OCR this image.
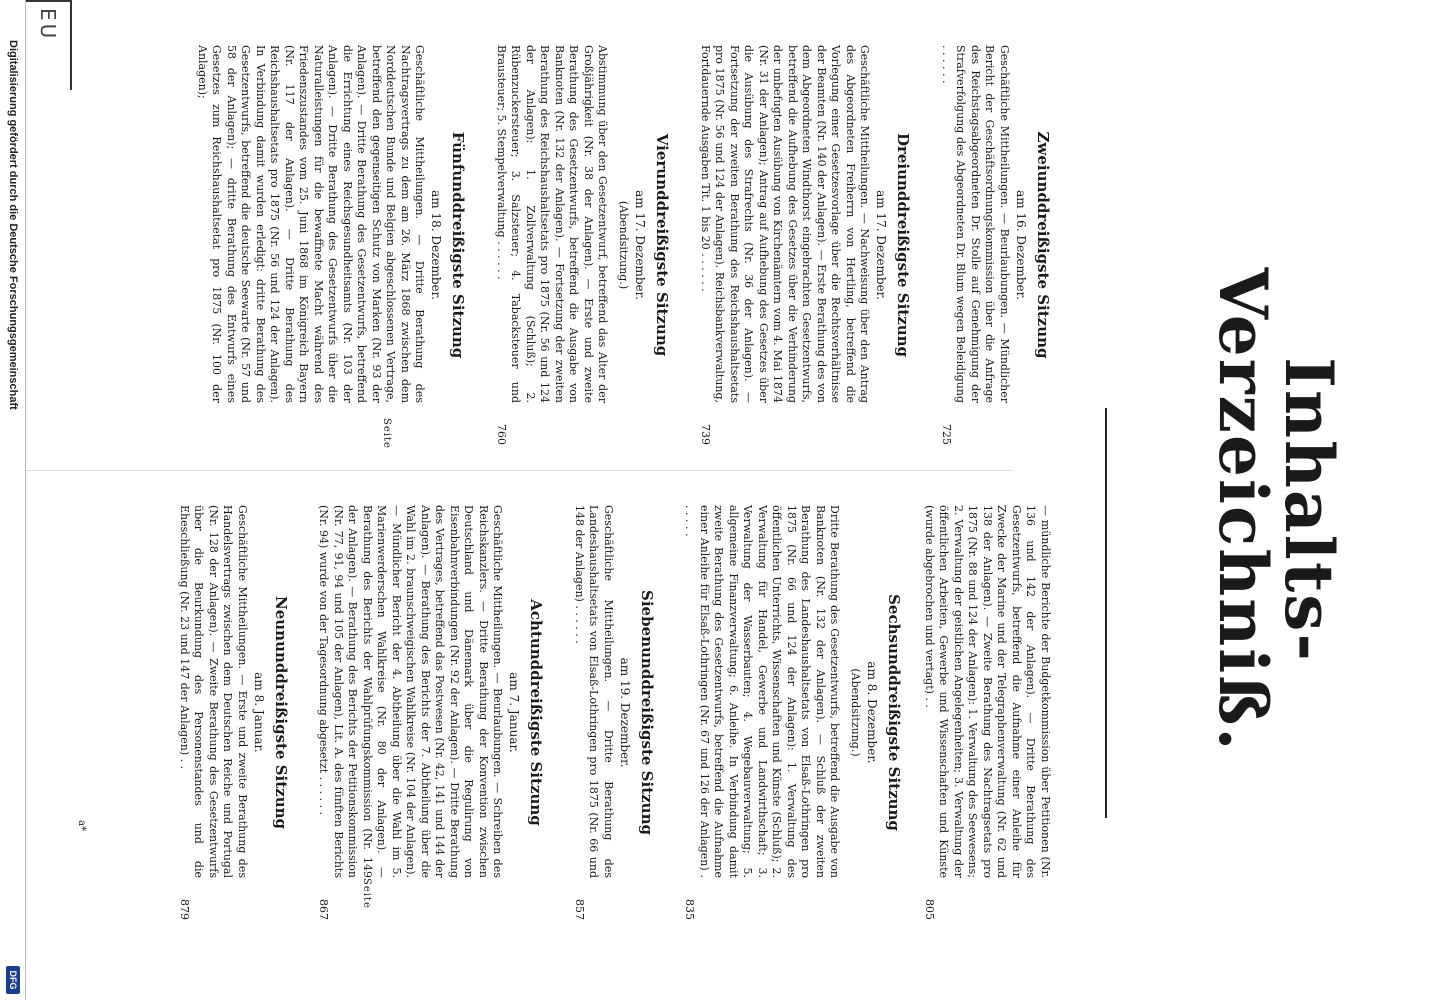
Inhalts-Verzeichniß.
Seite
Seite
Zweiunddreißigste Sitzung
am 16. Dezember.

Geschäftliche Mittheilungen. — Beurlaubungen. — Mündlicher Bericht der Geschäftsordnungskommission über die Anfrage des Reichstagsabgeordneten Dr. Stolle auf Genehmigung der Strafverfolgung des Abgeordneten Dr. Blum wegen Beleidigung . . . . . .
725

Dreiunddreißigste Sitzung
am 17. Dezember.

Geschäftliche Mittheilungen. — Nachweisung über den Antrag des Abgeordneten Freiherrn von Hertling, betreffend die Vorlegung einer Gesetzesvorlage über die Rechtsverhältnisse der Beamten (Nr. 140 der Anlagen). — Erste Berathung des von dem Abgeordneten Windthorst eingebrachten Gesetzentwurfs, betreffend die Aufhebung des Gesetzes über die Verhinderung der unbefugten Ausübung von Kirchenämtern vom 4. Mai 1874 (Nr. 31 der Anlagen); Antrag auf Aufhebung des Gesetzes über die Ausübung des Strafrechts (Nr. 36 der Anlagen). — Fortsetzung der zweiten Berathung des Reichshaushaltsetats pro 1875 (Nr. 56 und 124 der Anlagen). Reichsbankverwaltung, Fortdauernde Ausgaben Tit. 1 bis 20 . . . . . .
739

Vierunddreißigste Sitzung
am 17. Dezember.
(Abendsitzung.)

Abstimmung über den Gesetzentwurf, betreffend das Alter der Großjährigkeit (Nr. 38 der Anlagen). — Erste und zweite Berathung des Gesetzentwurfs, betreffend die Ausgabe von Banknoten (Nr. 132 der Anlagen). — Fortsetzung der zweiten Berathung des Reichshaushaltsetats pro 1875 (Nr. 56 und 124 der Anlagen): 1. Zollverwaltung (Schluß); 2. Rübenzuckersteuer; 3. Salzsteuer; 4. Tabacksteuer und Brausteuer; 5. Stempelverwaltung . . . . . .
760

Fünfunddreißigste Sitzung
am 18. Dezember.

Geschäftliche Mittheilungen. — Dritte Berathung des Nachtragsvertrags zu dem am 26. März 1868 zwischen dem Norddeutschen Bunde und Belgien abgeschlossenen Vertrage, betreffend den gegenseitigen Schutz von Marken (Nr. 93 der Anlagen). — Dritte Berathung des Gesetzentwurfs, betreffend die Errichtung eines Reichsgesundheitsamts (Nr. 103 der Anlagen). — Dritte Berathung des Gesetzentwurfs über die Naturalleistungen für die bewaffnete Macht während des Friedenszustandes vom 25. Juni 1868 im Königreich Bayern (Nr. 117 der Anlagen). — Dritte Berathung des Reichshaushaltsetats pro 1875 (Nr. 56 und 124 der Anlagen). In Verbindung damit wurden erledigt: dritte Berathung des Gesetzentwurfs, betreffend die deutsche Seewarte (Nr. 57 und 58 der Anlagen); — dritte Berathung des Entwurfs eines Gesetzes zum Reichshaushaltsetat pro 1875 (Nr. 100 der Anlagen);

— mündliche Berichte der Budgetkommission über Petitionen (Nr. 136 und 142 der Anlagen). — Dritte Berathung des Gesetzentwurfs, betreffend die Aufnahme einer Anleihe für Zwecke der Marine und der Telegraphenverwaltung (Nr. 62 und 138 der Anlagen). — Zweite Berathung des Nachtragsetats pro 1875 (Nr. 88 und 124 der Anlagen): 1. Verwaltung des Seewesens; 2. Verwaltung der geistlichen Angelegenheiten; 3. Verwaltung der öffentlichen Arbeiten, Gewerbe und Wissenschaften und Künste (wurde abgebrochen und vertagt) . .
805

Sechsunddreißigste Sitzung
am 8. Dezember.
(Abendsitzung.)

Dritte Berathung des Gesetzentwurfs, betreffend die Ausgabe von Banknoten (Nr. 132 der Anlagen). — Schluß der zweiten Berathung des Landeshaushaltsetats von Elsaß-Lothringen pro 1875 (Nr. 66 und 124 der Anlagen): 1. Verwaltung des öffentlichen Unterrichts, Wissenschaften und Künste (Schluß); 2. Verwaltung für Handel, Gewerbe und Landwirthschaft; 3. Verwaltung der Wasserbauten; 4. Wegebauverwaltung; 5. allgemeine Finanzverwaltung; 6. Anleihe. In Verbindung damit zweite Berathung des Gesetzentwurfs, betreffend die Aufnahme einer Anleihe für Elsaß-Lothringen (Nr. 67 und 126 der Anlagen) . . . . . .
835

Siebenunddreißigste Sitzung
am 19. Dezember.

Geschäftliche Mittheilungen. — Dritte Berathung des Landeshaushaltsetats von Elsaß-Lothringen pro 1875 (Nr. 66 und 148 der Anlagen) . . . . . .
857

Achtunddreißigste Sitzung
am 7. Januar.

Geschäftliche Mittheilungen. — Beurlaubungen. — Schreiben des Reichskanzlers. — Dritte Berathung der Konvention zwischen Deutschland und Dänemark über die Regulirung von Eisenbahnverbindungen (Nr. 92 der Anlagen). — Dritte Berathung des Vertrages, betreffend das Postwesen (Nr. 42, 141 und 144 der Anlagen). — Berathung des Berichts der 7. Abtheilung über die Wahl im 2. braunschweigischen Wahlkreise (Nr. 104 der Anlagen). — Mündlicher Bericht der 4. Abtheilung über die Wahl im 5. Marienwerderschen Wahlkreise (Nr. 80 der Anlagen). — Berathung des Berichts der Wahlprüfungskommission (Nr. 149 der Anlagen). — Berathung des Berichts der Petitionskommission (Nr. 77, 91, 94 und 105 der Anlagen), Lit. A. des fünften Berichts (Nr. 94) wurde von der Tagesordnung abgesetzt . . . . . .
867

Neununddreißigste Sitzung
am 8. Januar.

Geschäftliche Mittheilungen. — Erste und zweite Berathung des Handelsvertrags zwischen dem Deutschen Reiche und Portugal (Nr. 128 der Anlagen). — Zweite Berathung des Gesetzentwurfs über die Beurkundung des Personenstandes und die Eheschließung (Nr. 23 und 147 der Anlagen) . .
879

a*
EU
Digitalisierung gefördert durch die Deutsche Forschungsgemeinschaft
DFG
